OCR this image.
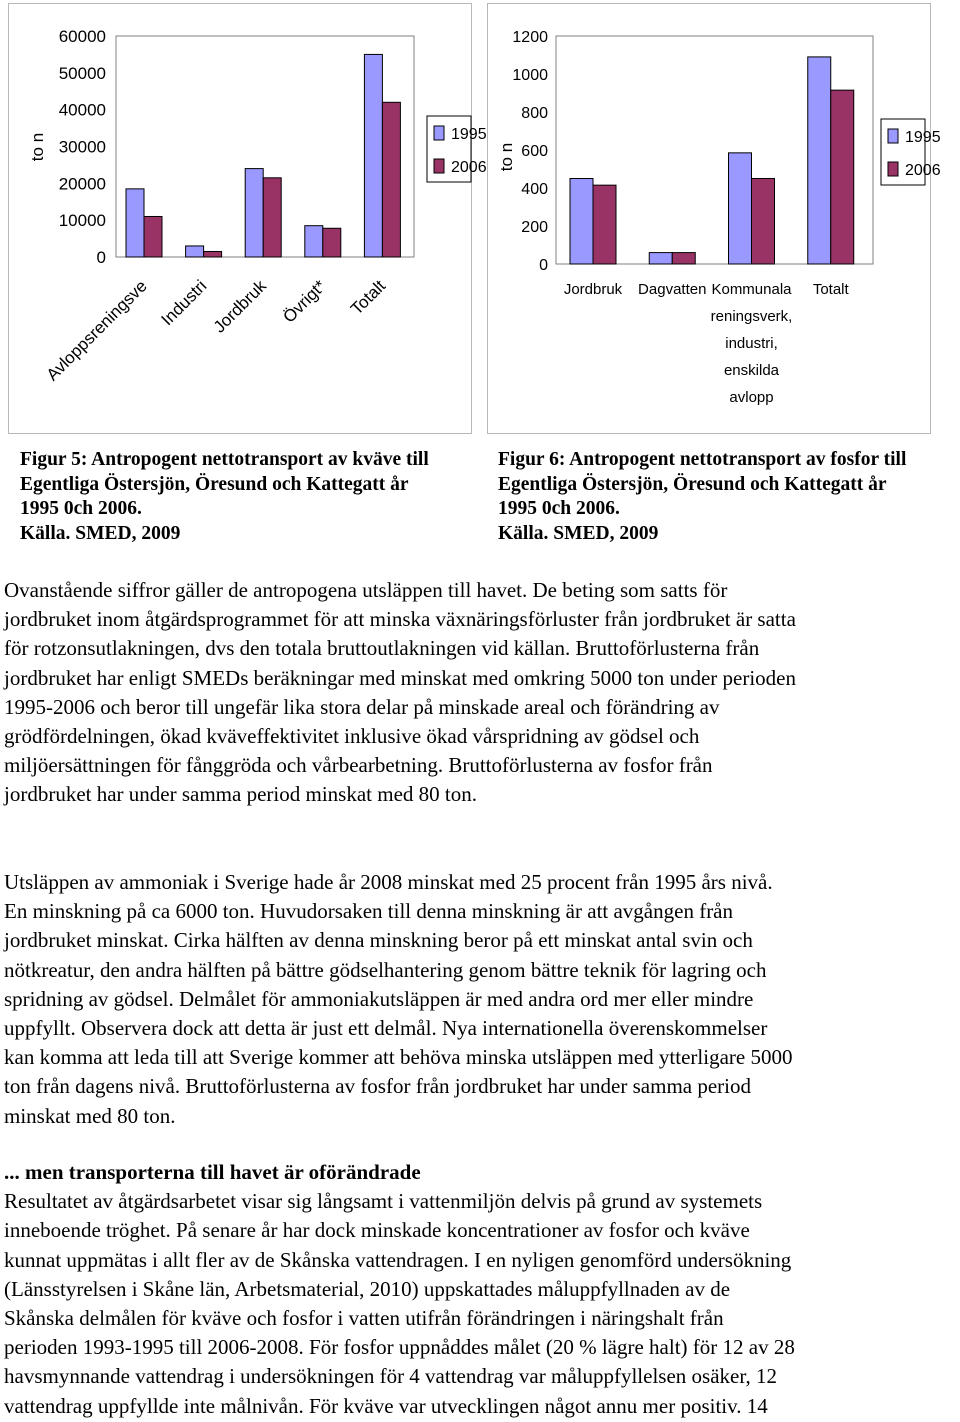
60000
50000
40000
30000
20000
10000
0
to n
Avloppsreningsve Industri Jordbruk Övrigt* Totalt
1995
2006
1200
1000
800
600
400
200
0
to n
Jordbruk Dagvatten Kommunala
reningsverk,
industri,
enskilda
avlopp
Totalt
1995
2006
Figur 5: Antropogent nettotransport av kväve till
Egentliga Östersjön, Öresund och Kattegatt år
1995 0ch 2006.
Källa. SMED, 2009
Figur 6: Antropogent nettotransport av fosfor till
Egentliga Östersjön, Öresund och Kattegatt år
1995 0ch 2006.
Källa. SMED, 2009
Ovanstående siffror gäller de antropogena utsläppen till havet. De beting som satts för
jordbruket inom åtgärdsprogrammet för att minska växnäringsförluster från jordbruket är satta
för rotzonsutlakningen, dvs den totala bruttoutlakningen vid källan. Bruttoförlusterna från
jordbruket har enligt SMEDs beräkningar med minskat med omkring 5000 ton under perioden
1995-2006 och beror till ungefär lika stora delar på minskade areal och förändring av
grödfördelningen, ökad kväveffektivitet inklusive ökad vårspridning av gödsel och
miljöersättningen för fånggröda och vårbearbetning. Bruttoförlusterna av fosfor från
jordbruket har under samma period minskat med 80 ton.
Utsläppen av ammoniak i Sverige hade år 2008 minskat med 25 procent från 1995 års nivå.
En minskning på ca 6000 ton. Huvudorsaken till denna minskning är att avgången från
jordbruket minskat. Cirka hälften av denna minskning beror på ett minskat antal svin och
nötkreatur, den andra hälften på bättre gödselhantering genom bättre teknik för lagring och
spridning av gödsel. Delmålet för ammoniakutsläppen är med andra ord mer eller mindre
uppfyllt. Observera dock att detta är just ett delmål. Nya internationella överenskommelser
kan komma att leda till att Sverige kommer att behöva minska utsläppen med ytterligare 5000
ton från dagens nivå. Bruttoförlusterna av fosfor från jordbruket har under samma period
minskat med 80 ton.
... men transporterna till havet är oförändrade
Resultatet av åtgärdsarbetet visar sig långsamt i vattenmiljön delvis på grund av systemets
inneboende tröghet. På senare år har dock minskade koncentrationer av fosfor och kväve
kunnat uppmätas i allt fler av de Skånska vattendragen. I en nyligen genomförd undersökning
(Länsstyrelsen i Skåne län, Arbetsmaterial, 2010) uppskattades måluppfyllnaden av de
Skånska delmålen för kväve och fosfor i vatten utifrån förändringen i näringshalt från
perioden 1993-1995 till 2006-2008. För fosfor uppnåddes målet (20 % lägre halt) för 12 av 28
havsmynnande vattendrag i undersökningen för 4 vattendrag var måluppfyllelsen osäker, 12
vattendrag uppfyllde inte målnivån. För kväve var utvecklingen något annu mer positiv. 14
